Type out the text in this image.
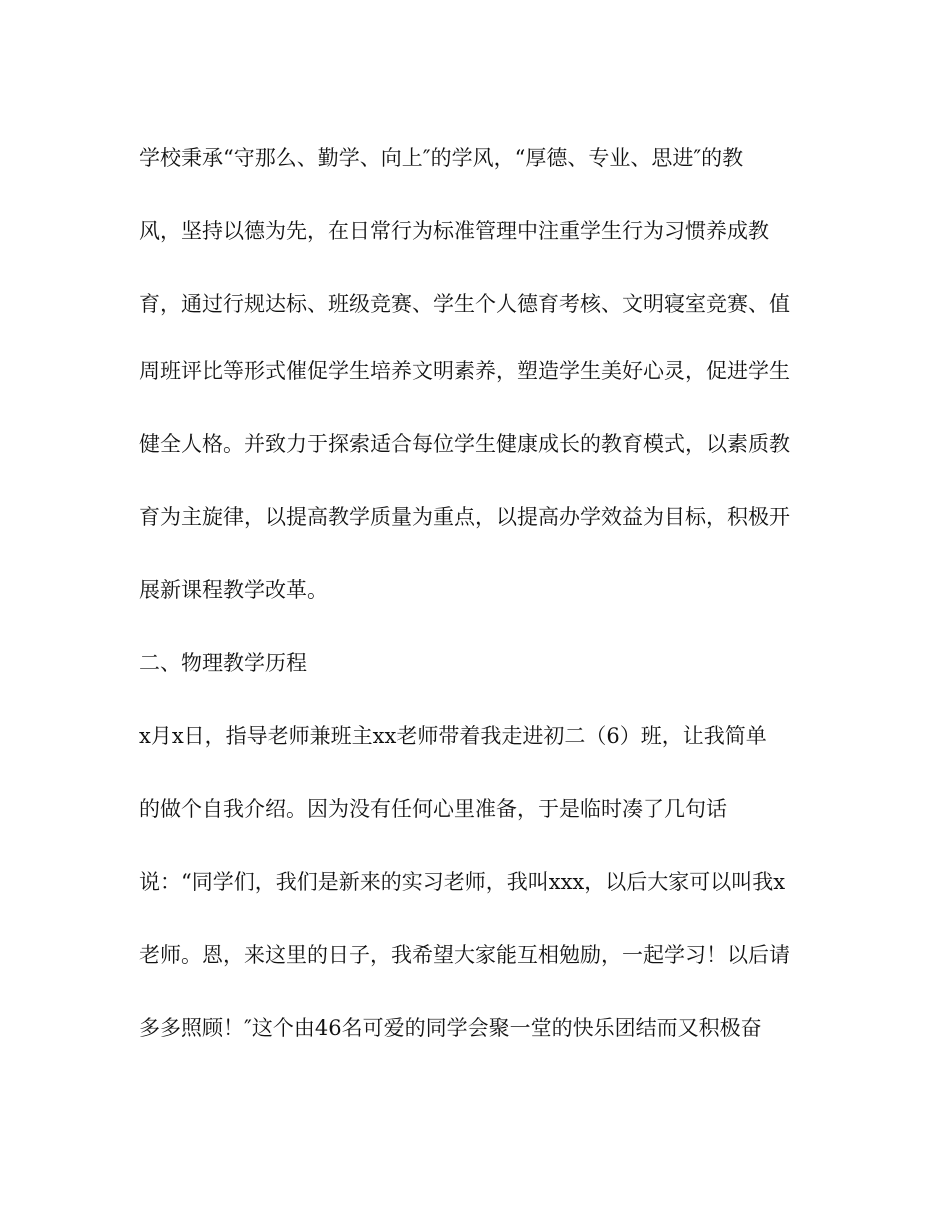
学校秉承“守那么、勤学、向上″的学风，“厚德、专业、思进″的教

风，坚持以德为先，在日常行为标准管理中注重学生行为习惯养成教

育，通过行规达标、班级竞赛、学生个人德育考核、文明寝室竞赛、值

周班评比等形式催促学生培养文明素养，塑造学生美好心灵，促进学生

健全人格。并致力于探索适合每位学生健康成长的教育模式，以素质教

育为主旋律，以提高教学质量为重点，以提高办学效益为目标，积极开

展新课程教学改革。

二、物理教学历程

x月x日，指导老师兼班主xx老师带着我走进初二（6）班，让我简单

的做个自我介绍。因为没有任何心里准备，于是临时凑了几句话

说：“同学们，我们是新来的实习老师，我叫xxx，以后大家可以叫我x

老师。恩，来这里的日子，我希望大家能互相勉励，一起学习！以后请

多多照顾！″这个由46名可爱的同学会聚一堂的快乐团结而又积极奋
